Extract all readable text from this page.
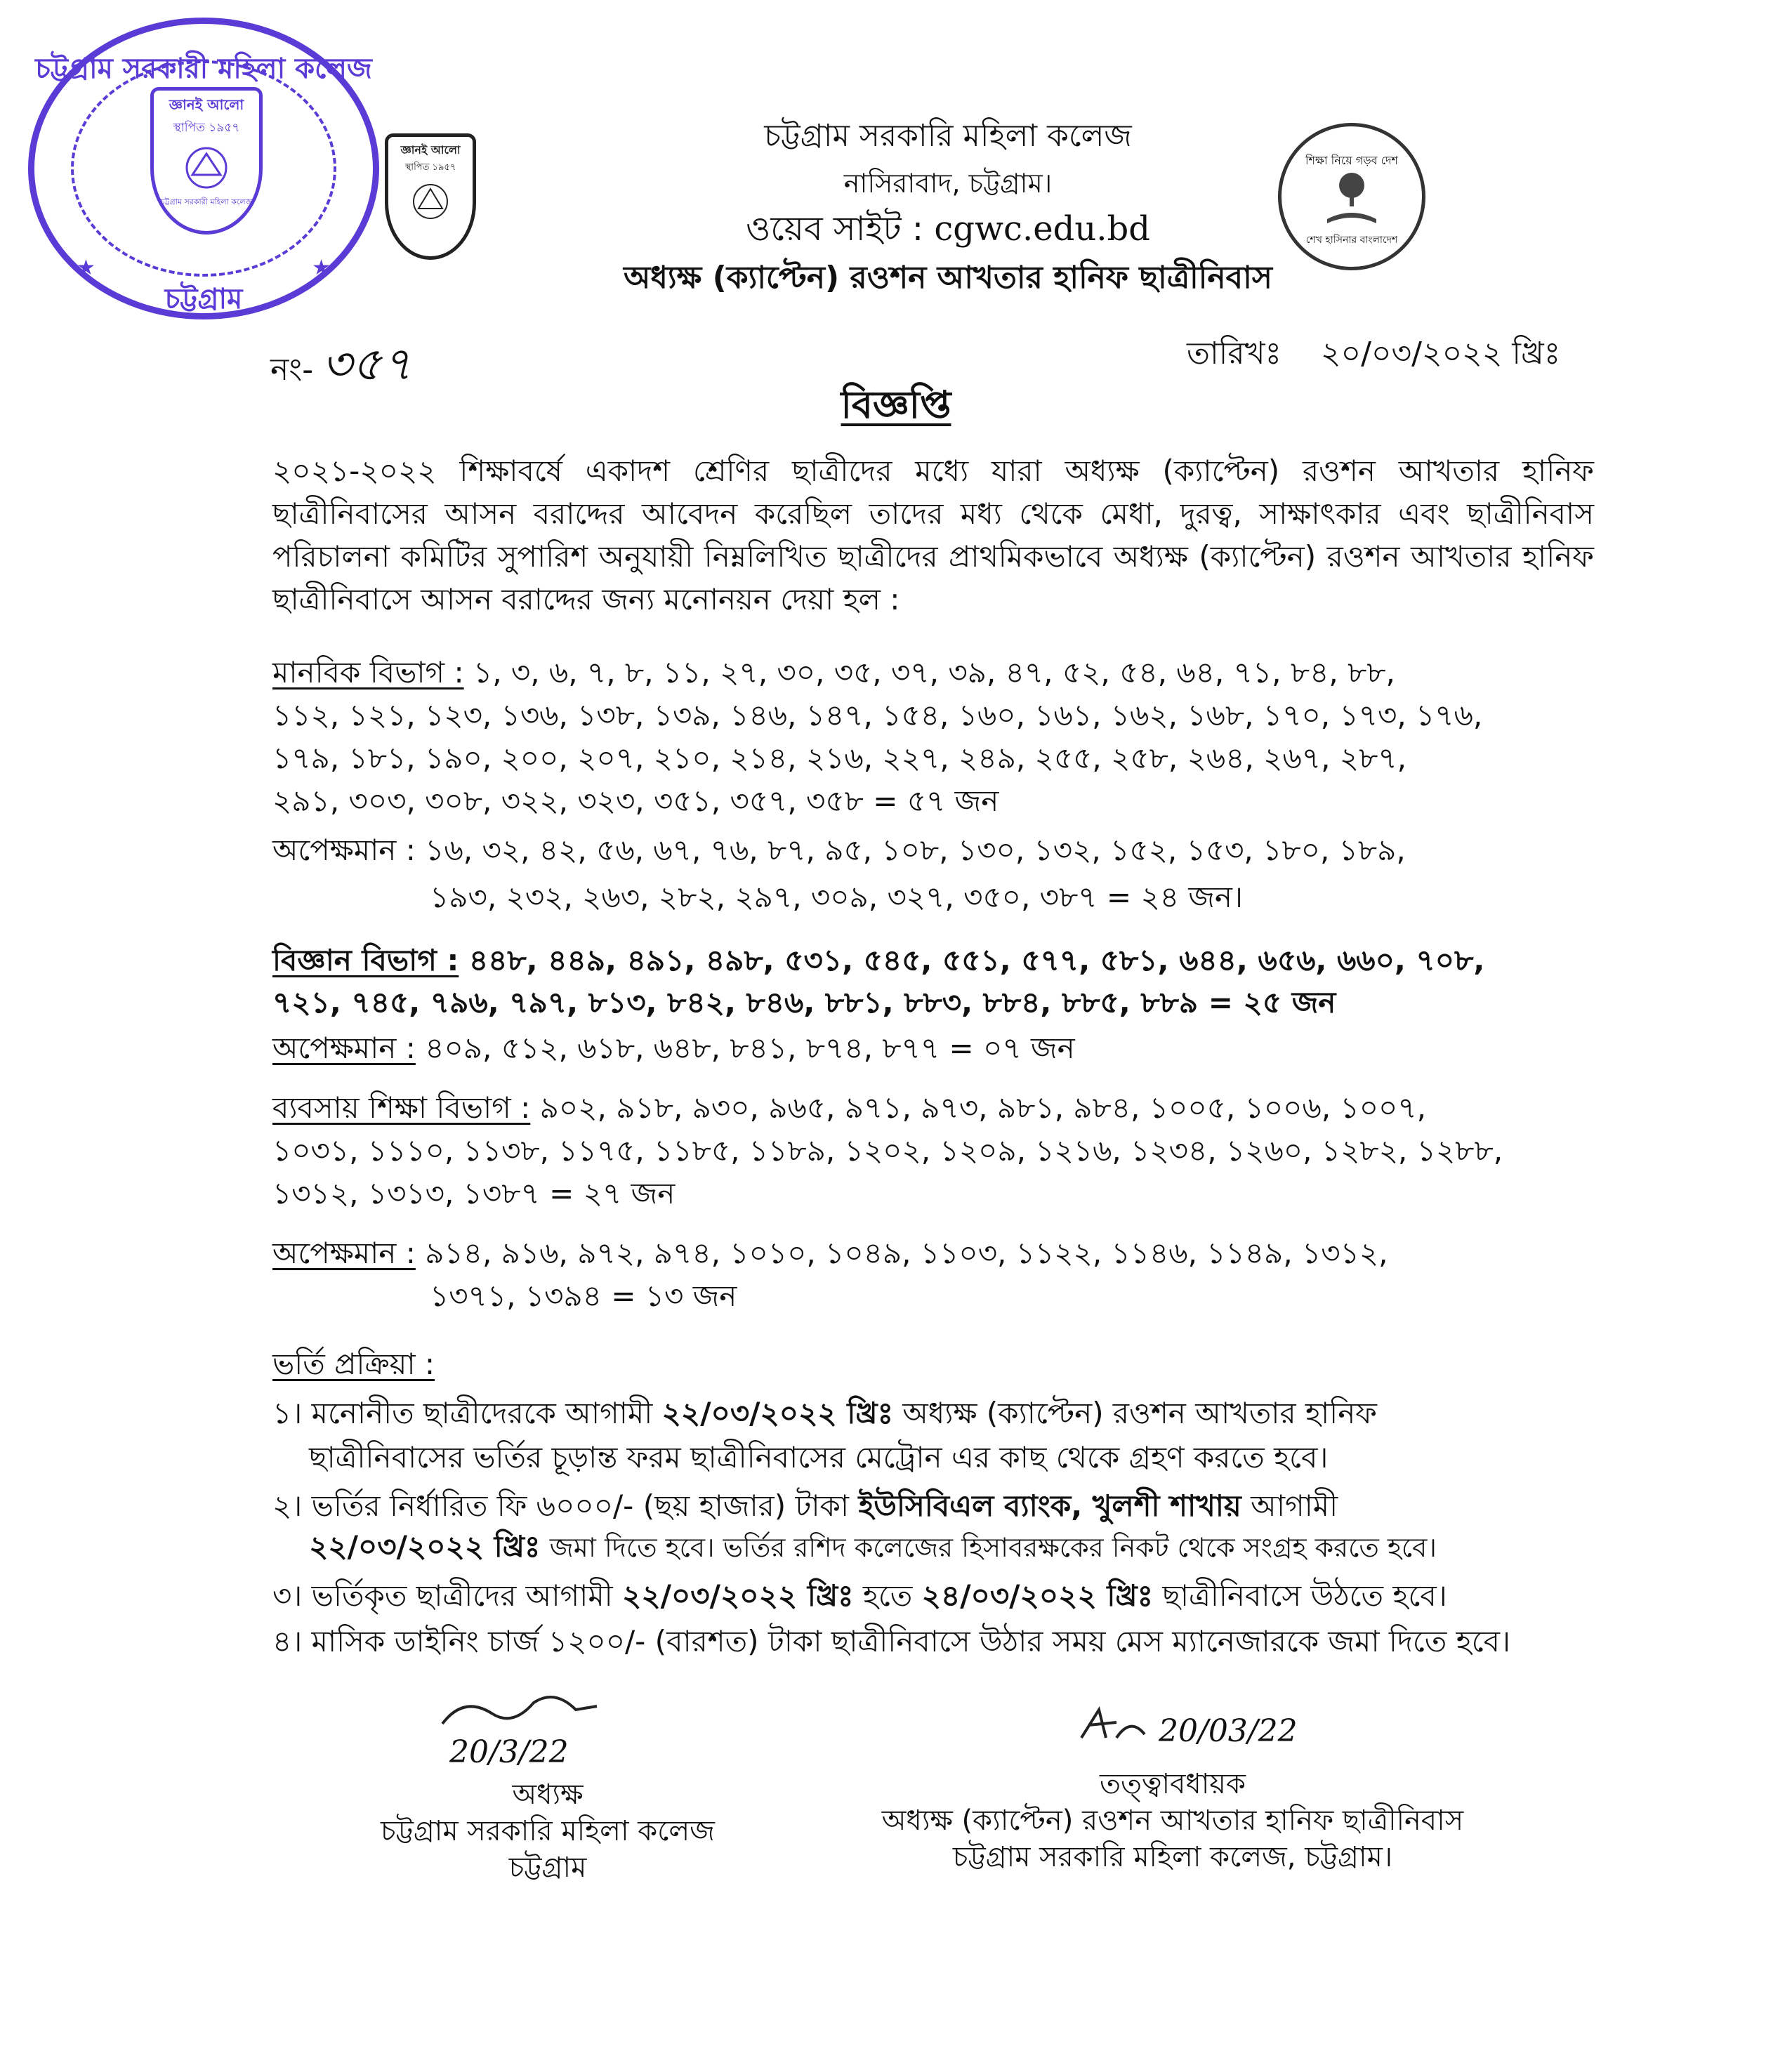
চট্টগ্রাম সরকারী মহিলা কলেজ
জ্ঞানই আলো
স্থাপিত ১৯৫৭
চট্টগ্রাম সরকারী মহিলা কলেজ
★	★
চট্টগ্রাম
জ্ঞানই আলো
স্থাপিত ১৯৫৭
চট্টগ্রাম সরকারি মহিলা কলেজ
নাসিরাবাদ, চট্টগ্রাম।
ওয়েব সাইট : cgwc.edu.bd
অধ্যক্ষ (ক্যাপ্টেন) রওশন আখতার হানিফ ছাত্রীনিবাস
শিক্ষা নিয়ে গড়ব দেশ
শেখ হাসিনার বাংলাদেশ
নং- ৩৫৭	তারিখঃ ২০/০৩/২০২২ খ্রিঃ
বিজ্ঞপ্তি
২০২১-২০২২ শিক্ষাবর্ষে একাদশ শ্রেণির ছাত্রীদের মধ্যে যারা অধ্যক্ষ (ক্যাপ্টেন) রওশন আখতার হানিফ ছাত্রীনিবাসের আসন বরাদ্দের আবেদন করেছিল তাদের মধ্য থেকে মেধা, দুরত্ব, সাক্ষাৎকার এবং ছাত্রীনিবাস পরিচালনা কমিটির সুপারিশ অনুযায়ী নিম্নলিখিত ছাত্রীদের প্রাথমিকভাবে অধ্যক্ষ (ক্যাপ্টেন) রওশন আখতার হানিফ ছাত্রীনিবাসে আসন বরাদ্দের জন্য মনোনয়ন দেয়া হল :
মানবিক বিভাগ : ১, ৩, ৬, ৭, ৮, ১১, ২৭, ৩০, ৩৫, ৩৭, ৩৯, ৪৭, ৫২, ৫৪, ৬৪, ৭১, ৮৪, ৮৮,
১১২, ১২১, ১২৩, ১৩৬, ১৩৮, ১৩৯, ১৪৬, ১৪৭, ১৫৪, ১৬০, ১৬১, ১৬২, ১৬৮, ১৭০, ১৭৩, ১৭৬,
১৭৯, ১৮১, ১৯০, ২০০, ২০৭, ২১০, ২১৪, ২১৬, ২২৭, ২৪৯, ২৫৫, ২৫৮, ২৬৪, ২৬৭, ২৮৭,
২৯১, ৩০৩, ৩০৮, ৩২২, ৩২৩, ৩৫১, ৩৫৭, ৩৫৮ = ৫৭ জন
অপেক্ষমান : ১৬, ৩২, ৪২, ৫৬, ৬৭, ৭৬, ৮৭, ৯৫, ১০৮, ১৩০, ১৩২, ১৫২, ১৫৩, ১৮০, ১৮৯,
১৯৩, ২৩২, ২৬৩, ২৮২, ২৯৭, ৩০৯, ৩২৭, ৩৫০, ৩৮৭ = ২৪ জন।
বিজ্ঞান বিভাগ : ৪৪৮, ৪৪৯, ৪৯১, ৪৯৮, ৫৩১, ৫৪৫, ৫৫১, ৫৭৭, ৫৮১, ৬৪৪, ৬৫৬, ৬৬০, ৭০৮,
৭২১, ৭৪৫, ৭৯৬, ৭৯৭, ৮১৩, ৮৪২, ৮৪৬, ৮৮১, ৮৮৩, ৮৮৪, ৮৮৫, ৮৮৯ = ২৫ জন
অপেক্ষমান : ৪০৯, ৫১২, ৬১৮, ৬৪৮, ৮৪১, ৮৭৪, ৮৭৭ = ০৭ জন
ব্যবসায় শিক্ষা বিভাগ : ৯০২, ৯১৮, ৯৩০, ৯৬৫, ৯৭১, ৯৭৩, ৯৮১, ৯৮৪, ১০০৫, ১০০৬, ১০০৭,
১০৩১, ১১১০, ১১৩৮, ১১৭৫, ১১৮৫, ১১৮৯, ১২০২, ১২০৯, ১২১৬, ১২৩৪, ১২৬০, ১২৮২, ১২৮৮,
১৩১২, ১৩১৩, ১৩৮৭ = ২৭ জন
অপেক্ষমান : ৯১৪, ৯১৬, ৯৭২, ৯৭৪, ১০১০, ১০৪৯, ১১০৩, ১১২২, ১১৪৬, ১১৪৯, ১৩১২,
১৩৭১, ১৩৯৪ = ১৩ জন
ভর্তি প্রক্রিয়া :
১। মনোনীত ছাত্রীদেরকে আগামী ২২/০৩/২০২২ খ্রিঃ অধ্যক্ষ (ক্যাপ্টেন) রওশন আখতার হানিফ
ছাত্রীনিবাসের ভর্তির চূড়ান্ত ফরম ছাত্রীনিবাসের মেট্রোন এর কাছ থেকে গ্রহণ করতে হবে।
২। ভর্তির নির্ধারিত ফি ৬০০০/- (ছয় হাজার) টাকা ইউসিবিএল ব্যাংক, খুলশী শাখায় আগামী
২২/০৩/২০২২ খ্রিঃ জমা দিতে হবে। ভর্তির রশিদ কলেজের হিসাবরক্ষকের নিকট থেকে সংগ্রহ করতে হবে।
৩। ভর্তিকৃত ছাত্রীদের আগামী ২২/০৩/২০২২ খ্রিঃ হতে ২৪/০৩/২০২২ খ্রিঃ ছাত্রীনিবাসে উঠতে হবে।
৪। মাসিক ডাইনিং চার্জ ১২০০/- (বারশত) টাকা ছাত্রীনিবাসে উঠার সময় মেস ম্যানেজারকে জমা দিতে হবে।
20/3/22
অধ্যক্ষ
চট্টগ্রাম সরকারি মহিলা কলেজ
চট্টগ্রাম
20/03/22
তত্ত্বাবধায়ক
অধ্যক্ষ (ক্যাপ্টেন) রওশন আখতার হানিফ ছাত্রীনিবাস
চট্টগ্রাম সরকারি মহিলা কলেজ, চট্টগ্রাম।
